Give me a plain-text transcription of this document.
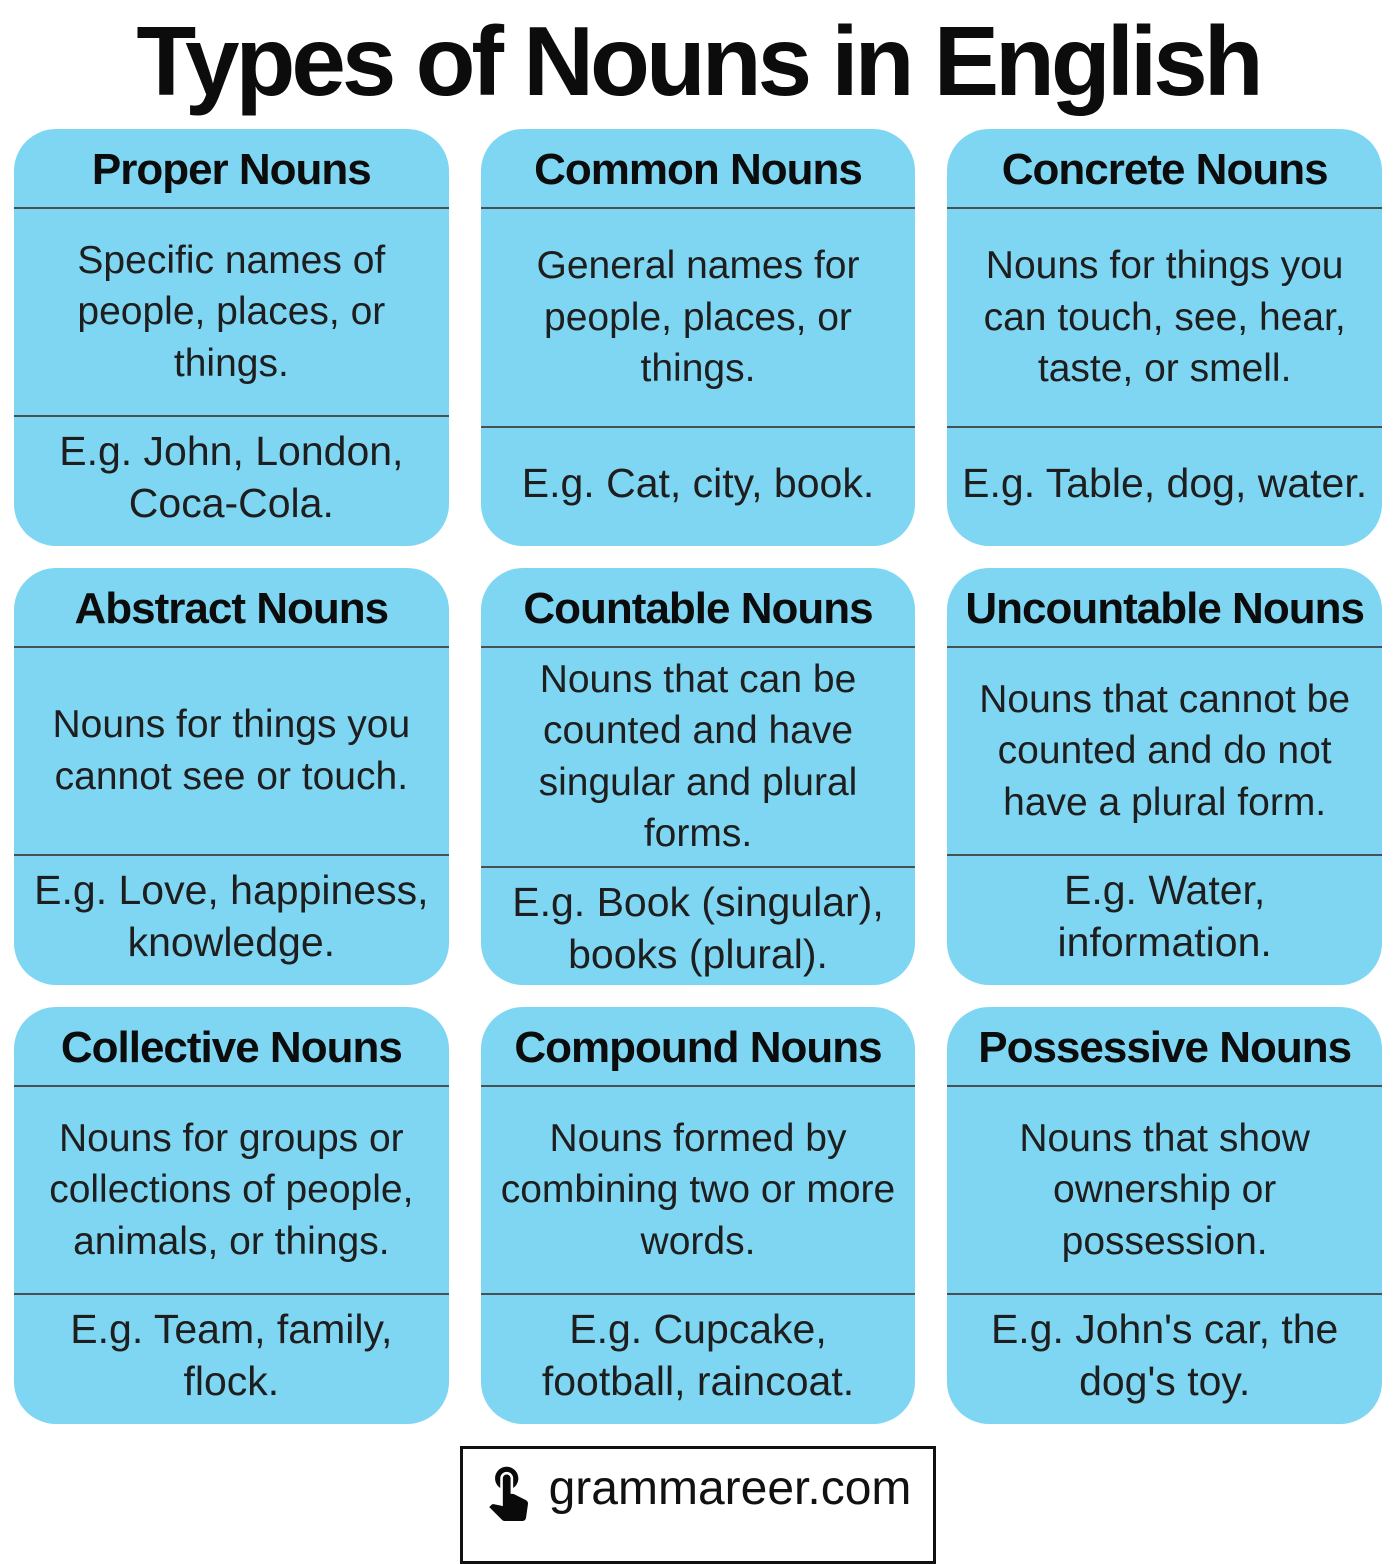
Types of Nouns in English
Proper Nouns
Specific names of people, places, or things.
E.g. John, London, Coca-Cola.
Common Nouns
General names for people, places, or things.
E.g. Cat, city, book.
Concrete Nouns
Nouns for things you can touch, see, hear, taste, or smell.
E.g. Table, dog, water.
Abstract Nouns
Nouns for things you cannot see or touch.
E.g. Love, happiness, knowledge.
Countable Nouns
Nouns that can be counted and have singular and plural forms.
E.g. Book (singular), books (plural).
Uncountable Nouns
Nouns that cannot be counted and do not have a plural form.
E.g. Water, information.
Collective Nouns
Nouns for groups or collections of people, animals, or things.
E.g. Team, family, flock.
Compound Nouns
Nouns formed by combining two or more words.
E.g. Cupcake, football, raincoat.
Possessive Nouns
Nouns that show ownership or possession.
E.g. John's car, the dog's toy.
grammareer.com
